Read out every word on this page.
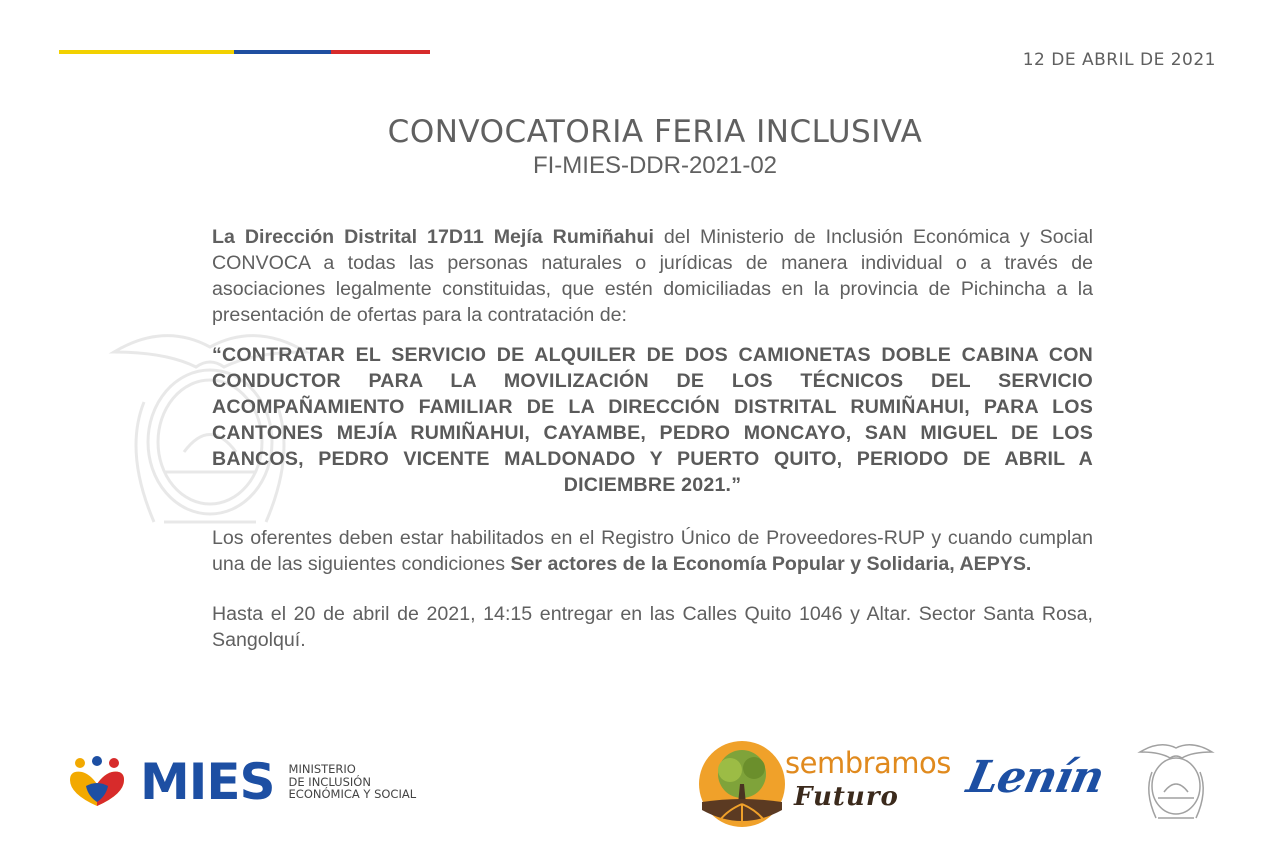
12 DE ABRIL DE 2021
CONVOCATORIA FERIA INCLUSIVA
FI-MIES-DDR-2021-02

La Dirección Distrital 17D11 Mejía Rumiñahui del Ministerio de Inclusión Económica y Social CONVOCA a todas las personas naturales o jurídicas de manera individual o a través de asociaciones legalmente constituidas, que estén domiciliadas en la provincia de Pichincha a la presentación de ofertas para la contratación de:

“CONTRATAR EL SERVICIO DE ALQUILER DE DOS CAMIONETAS DOBLE CABINA CON CONDUCTOR PARA LA MOVILIZACIÓN DE LOS TÉCNICOS DEL SERVICIO ACOMPAÑAMIENTO FAMILIAR DE LA DIRECCIÓN DISTRITAL RUMIÑAHUI, PARA LOS CANTONES MEJÍA RUMIÑAHUI, CAYAMBE, PEDRO MONCAYO, SAN MIGUEL DE LOS BANCOS, PEDRO VICENTE MALDONADO Y PUERTO QUITO, PERIODO DE ABRIL A DICIEMBRE 2021.”

Los oferentes deben estar habilitados en el Registro Único de Proveedores-RUP y cuando cumplan una de las siguientes condiciones Ser actores de la Economía Popular y Solidaria, AEPYS.

Hasta el 20 de abril de 2021, 14:15 entregar en las Calles Quito 1046 y Altar. Sector Santa Rosa, Sangolquí.

MIES MINISTERIO
DE INCLUSIÓN
ECONÓMICA Y SOCIAL
sembramos
Futuro Lenín
